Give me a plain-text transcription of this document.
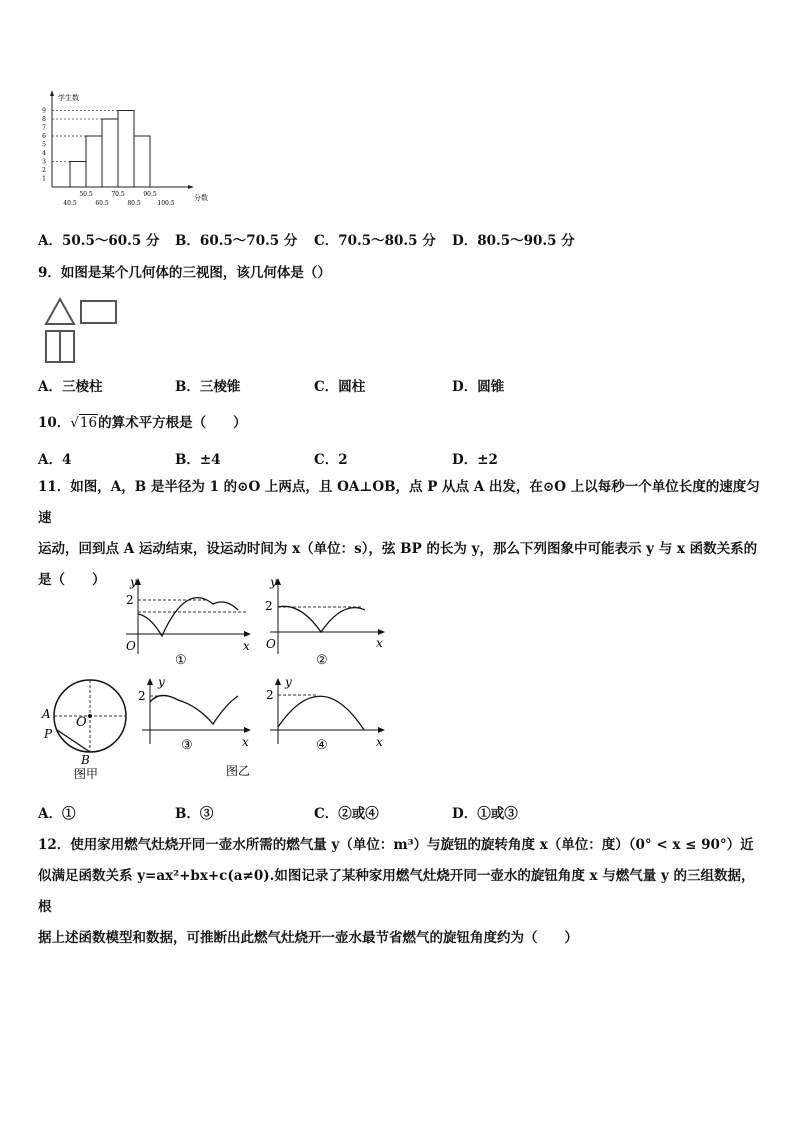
1
2
3
4
5
6
7
8
9
50.5	70.5	90.5
40.5	60.5	80.5	100.5
学生数
分数
A．50.5～60.5 分 B．60.5～70.5 分 C．70.5～80.5 分 D．80.5～90.5 分
9．如图是某个几何体的三视图，该几何体是（）
A．三棱柱	B．三棱锥	C．圆柱	D．圆锥
10．√16的算术平方根是（　　）
A．4	B．±4	C．2	D．±2
11．如图，A，B 是半径为 1 的⊙O 上两点，且 OA⊥OB，点 P 从点 A 出发，在⊙O 上以每秒一个单位长度的速度匀速
运动，回到点 A 运动结束，设运动时间为 x（单位：s），弦 BP 的长为 y，那么下列图象中可能表示 y 与 x 函数关系的
是（　　）	y
2
O	x
①
y
2
O	x
②
A
O
P
B
图甲
y
2
x
③
图乙
y
2
x
④
A．①	B．③	C．②或④	D．①或③
12．使用家用燃气灶烧开同一壶水所需的燃气量 y（单位：m³）与旋钮的旋转角度 x（单位：度）（0° < x ≤ 90°）近
似满足函数关系 y=ax²+bx+c(a≠0).如图记录了某种家用燃气灶烧开同一壶水的旋钮角度 x 与燃气量 y 的三组数据，根
据上述函数模型和数据，可推断出此燃气灶烧开一壶水最节省燃气的旋钮角度约为（　　）
